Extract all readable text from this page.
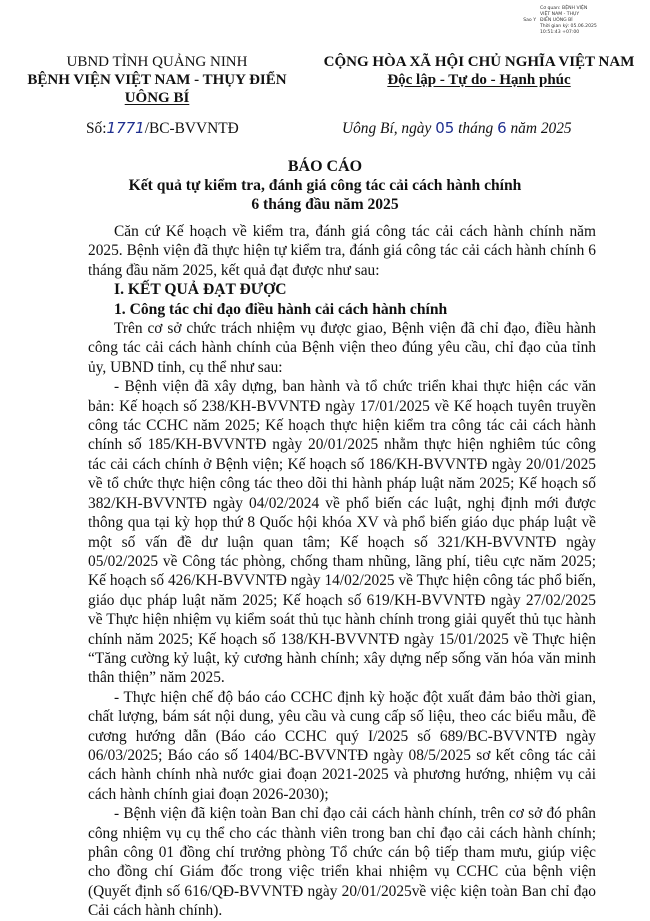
Cơ quan: BỆNH VIỆN
VIỆT NAM - THỤY
Sao Y ĐIỂN UÔNG BÍ
Thời gian ký: 05.06.2025
10:51:43 +07:00
UBND TỈNH QUẢNG NINH
BỆNH VIỆN VIỆT NAM - THỤY ĐIỂN
UÔNG BÍ
CỘNG HÒA XÃ HỘI CHỦ NGHĨA VIỆT NAM
Độc lập - Tự do - Hạnh phúc
Số:1771/BC-BVVNTĐ	Uông Bí, ngày 05 tháng 6 năm 2025
BÁO CÁO
Kết quả tự kiểm tra, đánh giá công tác cải cách hành chính
6 tháng đầu năm 2025

Căn cứ Kế hoạch về kiểm tra, đánh giá công tác cải cách hành chính năm 2025. Bệnh viện đã thực hiện tự kiểm tra, đánh giá công tác cải cách hành chính 6 tháng đầu năm 2025, kết quả đạt được như sau:

I. KẾT QUẢ ĐẠT ĐƯỢC

1. Công tác chỉ đạo điều hành cải cách hành chính

Trên cơ sở chức trách nhiệm vụ được giao, Bệnh viện đã chỉ đạo, điều hành công tác cải cách hành chính của Bệnh viện theo đúng yêu cầu, chỉ đạo của tỉnh ủy, UBND tỉnh, cụ thể như sau:

- Bệnh viện đã xây dựng, ban hành và tổ chức triển khai thực hiện các văn bản: Kế hoạch số 238/KH-BVVNTĐ ngày 17/01/2025 về Kế hoạch tuyên truyền công tác CCHC năm 2025; Kế hoạch thực hiện kiểm tra công tác cải cách hành chính số 185/KH-BVVNTĐ ngày 20/01/2025 nhằm thực hiện nghiêm túc công tác cải cách chính ở Bệnh viện; Kế hoạch số 186/KH-BVVNTĐ ngày 20/01/2025 về tổ chức thực hiện công tác theo dõi thi hành pháp luật năm 2025; Kế hoạch số 382/KH-BVVNTĐ ngày 04/02/2024 về phổ biến các luật, nghị định mới được thông qua tại kỳ họp thứ 8 Quốc hội khóa XV và phổ biến giáo dục pháp luật về một số vấn đề dư luận quan tâm; Kế hoạch số 321/KH-BVVNTĐ ngày 05/02/2025 về Công tác phòng, chống tham nhũng, lãng phí, tiêu cực năm 2025; Kế hoạch số 426/KH-BVVNTĐ ngày 14/02/2025 về Thực hiện công tác phổ biến, giáo dục pháp luật năm 2025; Kế hoạch số 619/KH-BVVNTĐ ngày 27/02/2025 về Thực hiện nhiệm vụ kiểm soát thủ tục hành chính trong giải quyết thủ tục hành chính năm 2025; Kế hoạch số 138/KH-BVVNTĐ ngày 15/01/2025 về Thực hiện “Tăng cường kỷ luật, kỷ cương hành chính; xây dựng nếp sống văn hóa văn minh thân thiện” năm 2025.

- Thực hiện chế độ báo cáo CCHC định kỳ hoặc đột xuất đảm bảo thời gian, chất lượng, bám sát nội dung, yêu cầu và cung cấp số liệu, theo các biểu mẫu, đề cương hướng dẫn (Báo cáo CCHC quý I/2025 số 689/BC-BVVNTĐ ngày 06/03/2025; Báo cáo số 1404/BC-BVVNTĐ ngày 08/5/2025 sơ kết công tác cải cách hành chính nhà nước giai đoạn 2021-2025 và phương hướng, nhiệm vụ cải cách hành chính giai đoạn 2026-2030);

- Bệnh viện đã kiện toàn Ban chỉ đạo cải cách hành chính, trên cơ sở đó phân công nhiệm vụ cụ thể cho các thành viên trong ban chỉ đạo cải cách hành chính; phân công 01 đồng chí trưởng phòng Tổ chức cán bộ tiếp tham mưu, giúp việc cho đồng chí Giám đốc trong việc triển khai nhiệm vụ CCHC của bệnh viện (Quyết định số 616/QĐ-BVVNTĐ ngày 20/01/2025về việc kiện toàn Ban chỉ đạo Cải cách hành chính).
